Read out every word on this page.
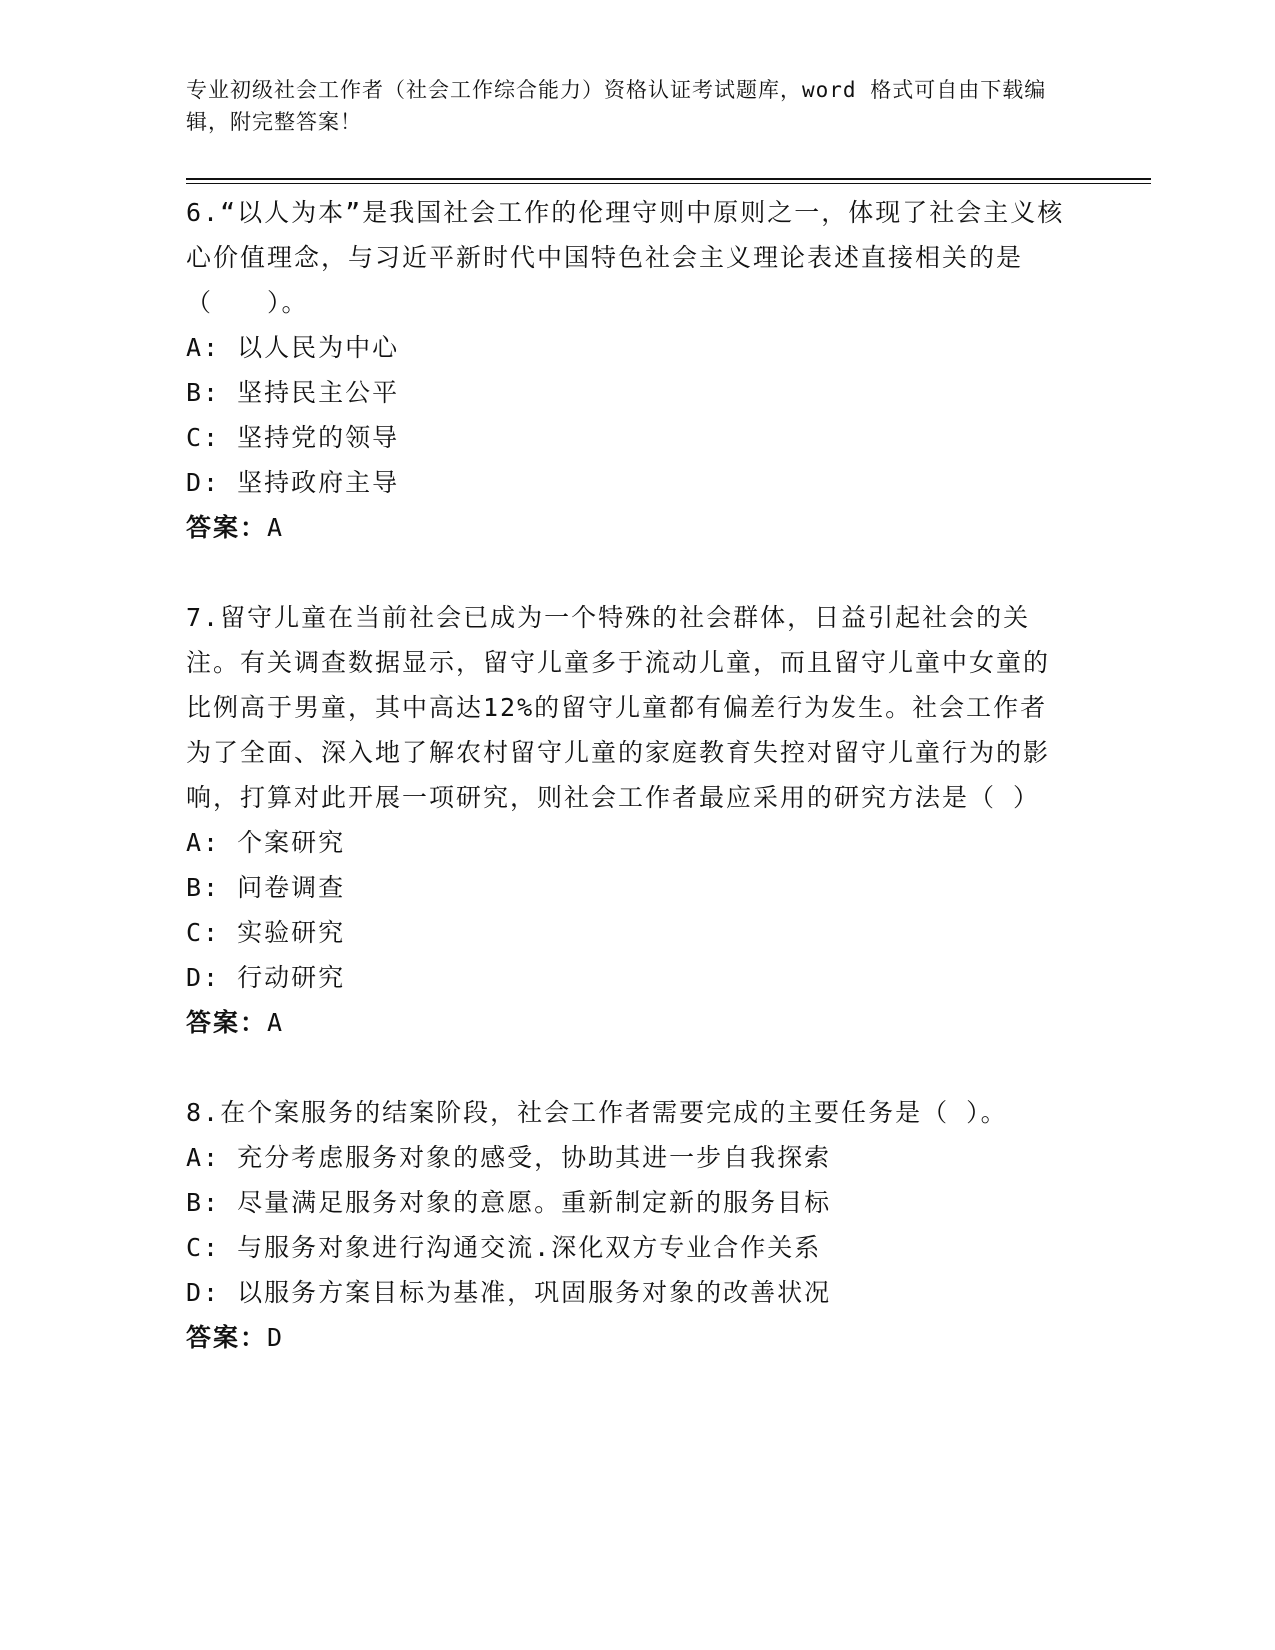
专业初级社会工作者（社会工作综合能力）资格认证考试题库，word 格式可自由下载编辑，附完整答案！

6.“以人为本”是我国社会工作的伦理守则中原则之一，体现了社会主义核心价值理念，与习近平新时代中国特色社会主义理论表述直接相关的是（　　）。

A: 以人民为中心

B: 坚持民主公平

C: 坚持党的领导

D: 坚持政府主导

答案：A

7.留守儿童在当前社会已成为一个特殊的社会群体，日益引起社会的关注。有关调查数据显示，留守儿童多于流动儿童，而且留守儿童中女童的比例高于男童，其中高达12%的留守儿童都有偏差行为发生。社会工作者为了全面、深入地了解农村留守儿童的家庭教育失控对留守儿童行为的影响，打算对此开展一项研究，则社会工作者最应采用的研究方法是（ ）

A: 个案研究

B: 问卷调查

C: 实验研究

D: 行动研究

答案：A

8.在个案服务的结案阶段，社会工作者需要完成的主要任务是（ ）。

A: 充分考虑服务对象的感受，协助其进一步自我探索

B: 尽量满足服务对象的意愿。重新制定新的服务目标

C: 与服务对象进行沟通交流.深化双方专业合作关系

D: 以服务方案目标为基准，巩固服务对象的改善状况

答案：D
